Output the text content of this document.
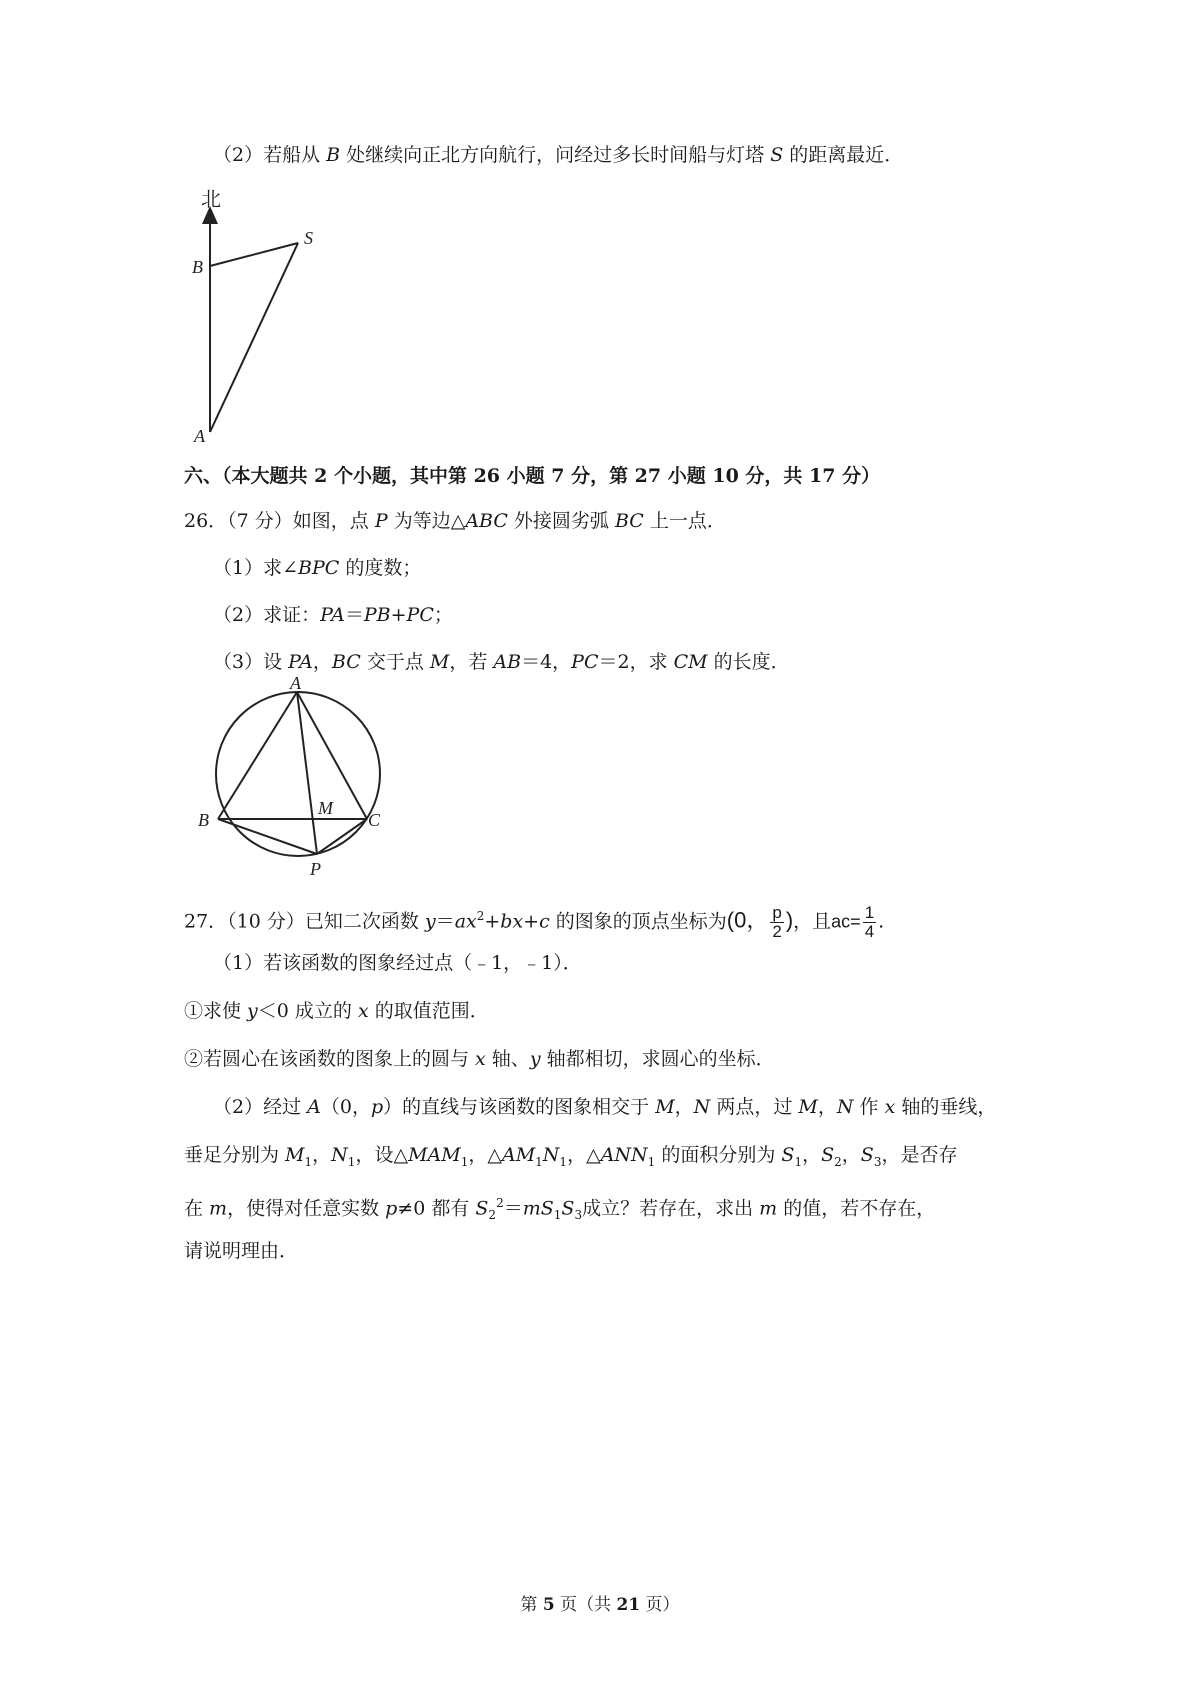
（2）若船从 B 处继续向正北方向航行，问经过多长时间船与灯塔 S 的距离最近．
北
B
S
A
六、（本大题共 2 个小题，其中第 26 小题 7 分，第 27 小题 10 分，共 17 分）
26．（7 分）如图，点 P 为等边△ABC 外接圆劣弧 BC 上一点．
（1）求∠BPC 的度数；
（2）求证：PA＝PB+PC；
（3）设 PA，BC 交于点 M，若 AB＝4，PC＝2，求 CM 的长度．
A
B
M
C
P
27．（10 分）已知二次函数 $y=ax^2+bx+c$ 的图象的顶点坐标为(0， $\frac{p}{2}$ )，且$ac= \frac{1}{4}$ .
（1）若该函数的图象经过点（﹣1，﹣1）．
①求使 y＜0 成立的 x 的取值范围．
②若圆心在该函数的图象上的圆与 x 轴、y 轴都相切，求圆心的坐标．
（2）经过 A（0，p）的直线与该函数的图象相交于 M，N 两点，过 M，N 作 x 轴的垂线，
垂足分别为 $M_1$，$N_1$，设$\triangle MAM_1$，$\triangle AM_1N_1$，$\triangle ANN_1$ 的面积分别为 $S_1$，$S_2$，$S_3$，是否存
在 m，使得对任意实数 p≠0 都有 $S_2^2=mS_1S_3$成立？若存在，求出 m 的值，若不存在，
请说明理由．
第 5 页（共 21 页）
